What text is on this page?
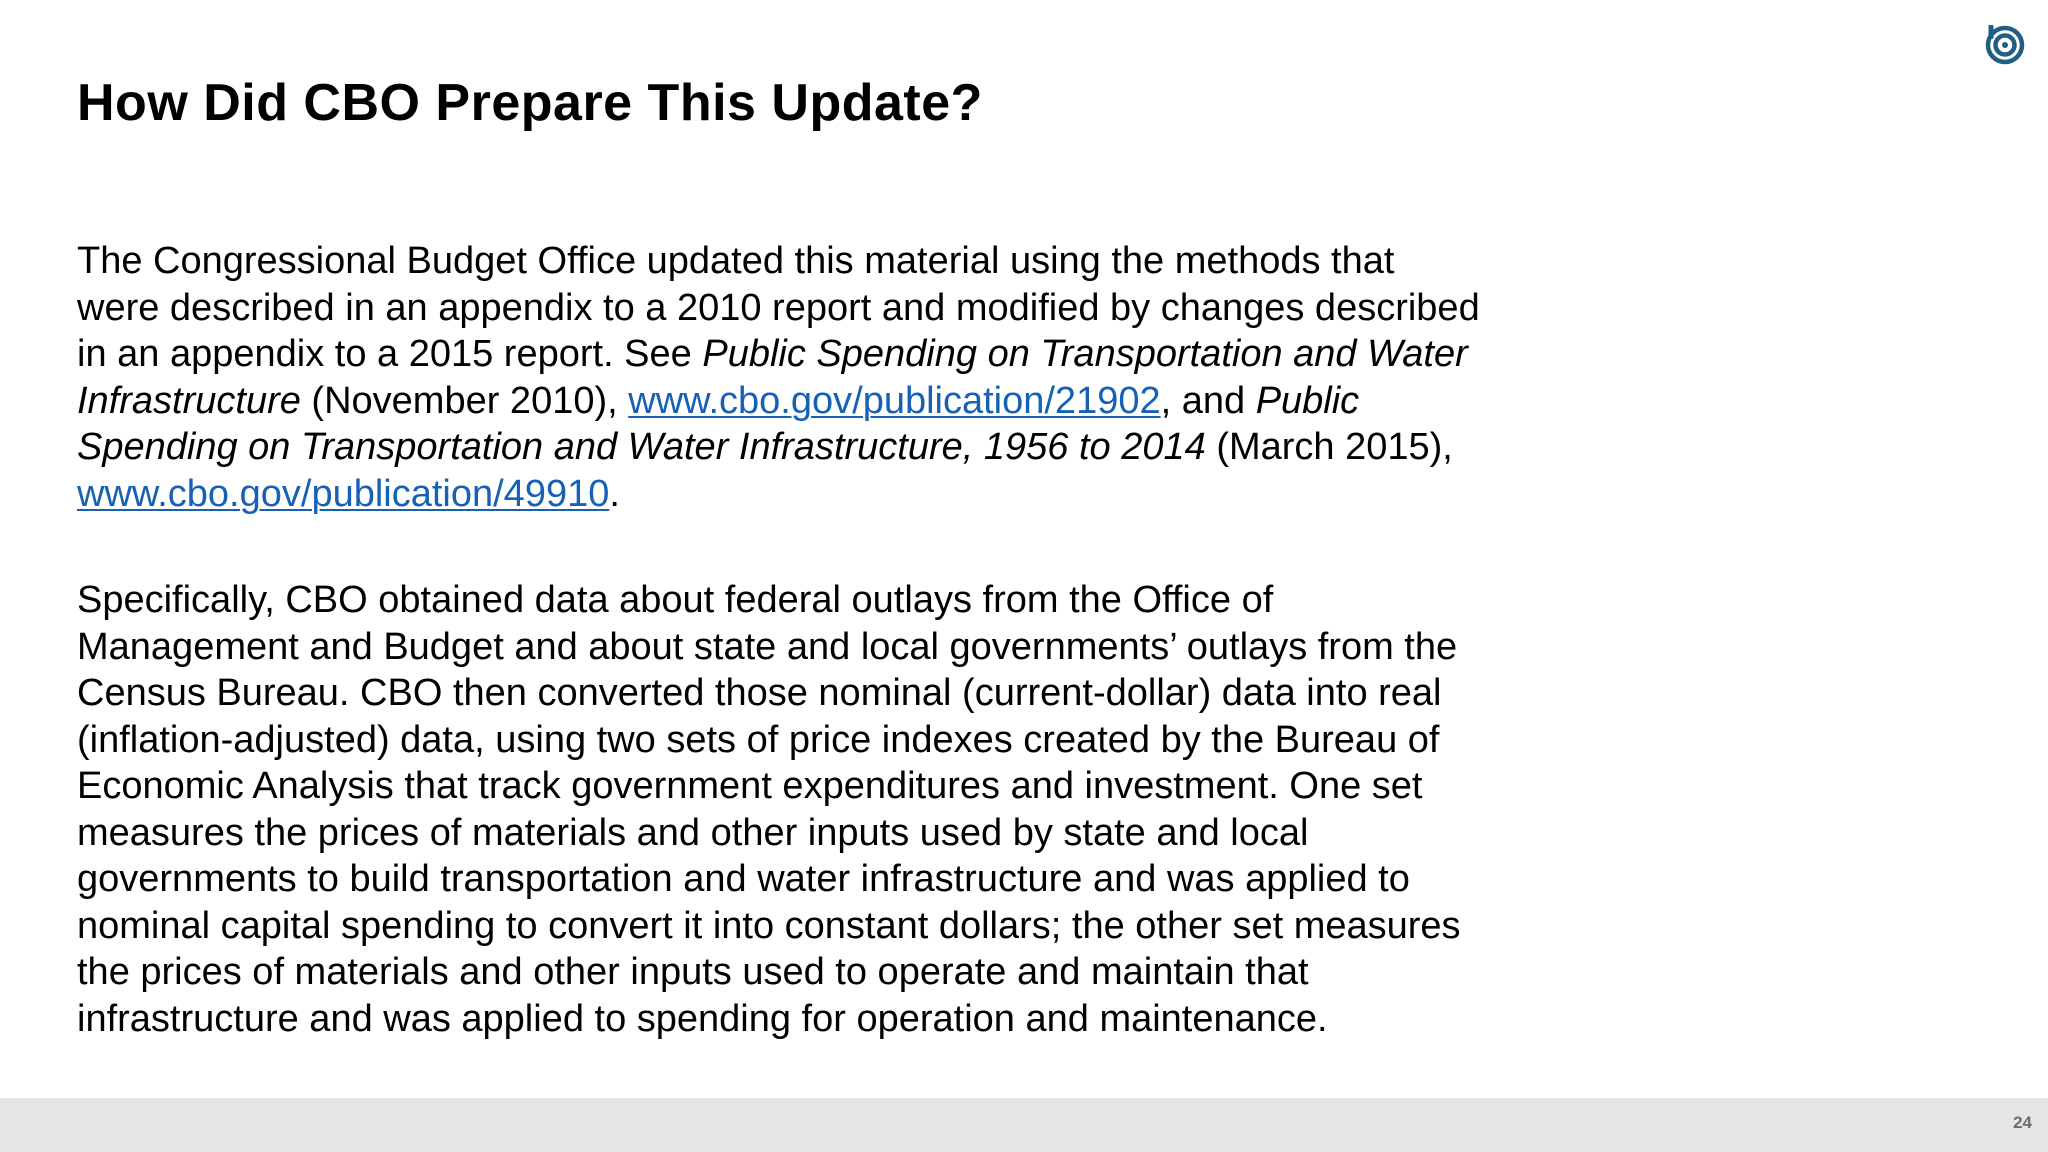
How Did CBO Prepare This Update?

The Congressional Budget Office updated this material using the methods that
were described in an appendix to a 2010 report and modified by changes described
in an appendix to a 2015 report. See Public Spending on Transportation and Water
Infrastructure (November 2010), www.cbo.gov/publication/21902, and Public
Spending on Transportation and Water Infrastructure, 1956 to 2014 (March 2015),
www.cbo.gov/publication/49910.

Specifically, CBO obtained data about federal outlays from the Office of
Management and Budget and about state and local governments’ outlays from the
Census Bureau. CBO then converted those nominal (current-dollar) data into real
(inflation-adjusted) data, using two sets of price indexes created by the Bureau of
Economic Analysis that track government expenditures and investment. One set
measures the prices of materials and other inputs used by state and local
governments to build transportation and water infrastructure and was applied to
nominal capital spending to convert it into constant dollars; the other set measures
the prices of materials and other inputs used to operate and maintain that
infrastructure and was applied to spending for operation and maintenance.

24
